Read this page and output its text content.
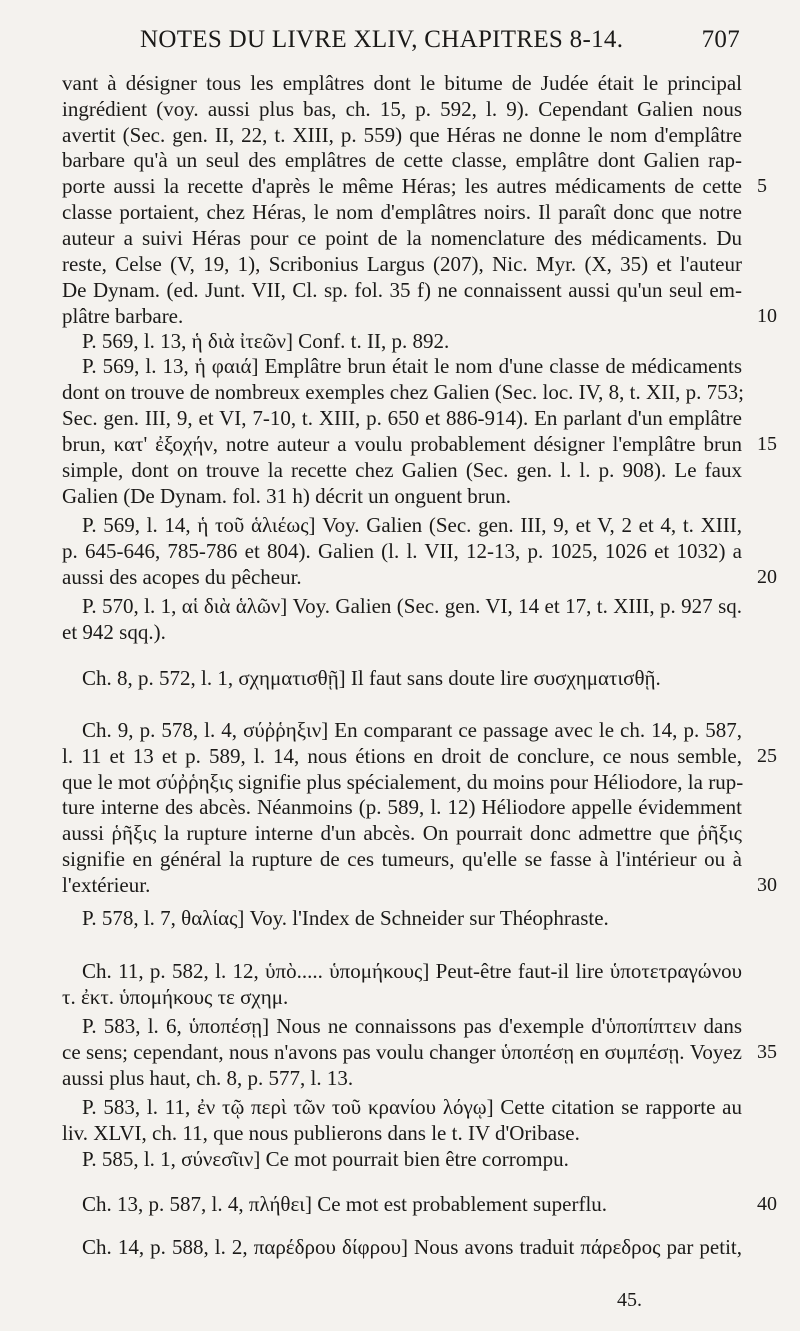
NOTES DU LIVRE XLIV, CHAPITRES 8-14.	707
vant à désigner tous les emplâtres dont le bitume de Judée était le principal
ingrédient (voy. aussi plus bas, ch. 15, p. 592, l. 9). Cependant Galien nous
avertit (Sec. gen. II, 22, t. XIII, p. 559) que Héras ne donne le nom d'emplâtre
barbare qu'à un seul des emplâtres de cette classe, emplâtre dont Galien rap-
porte aussi la recette d'après le même Héras; les autres médicaments de cette
classe portaient, chez Héras, le nom d'emplâtres noirs. Il paraît donc que notre
auteur a suivi Héras pour ce point de la nomenclature des médicaments. Du
reste, Celse (V, 19, 1), Scribonius Largus (207), Nic. Myr. (X, 35) et l'auteur
De Dynam. (ed. Junt. VII, Cl. sp. fol. 35 f) ne connaissent aussi qu'un seul em-
plâtre barbare.
P. 569, l. 13, ἡ διὰ ἰτεῶν] Conf. t. II, p. 892.
P. 569, l. 13, ἡ φαιά] Emplâtre brun était le nom d'une classe de médicaments
dont on trouve de nombreux exemples chez Galien (Sec. loc. IV, 8, t. XII, p. 753;
Sec. gen. III, 9, et VI, 7-10, t. XIII, p. 650 et 886-914). En parlant d'un emplâtre
brun, κατ' ἐξοχήν, notre auteur a voulu probablement désigner l'emplâtre brun
simple, dont on trouve la recette chez Galien (Sec. gen. l. l. p. 908). Le faux
Galien (De Dynam. fol. 31 h) décrit un onguent brun.
P. 569, l. 14, ἡ τοῦ ἁλιέως] Voy. Galien (Sec. gen. III, 9, et V, 2 et 4, t. XIII,
p. 645-646, 785-786 et 804). Galien (l. l. VII, 12-13, p. 1025, 1026 et 1032) a
aussi des acopes du pêcheur.
P. 570, l. 1, αἱ διὰ ἁλῶν] Voy. Galien (Sec. gen. VI, 14 et 17, t. XIII, p. 927 sq.
et 942 sqq.).
Ch. 8, p. 572, l. 1, σχηματισθῇ] Il faut sans doute lire συσχηματισθῇ.
Ch. 9, p. 578, l. 4, σύῤῥηξιν] En comparant ce passage avec le ch. 14, p. 587,
l. 11 et 13 et p. 589, l. 14, nous étions en droit de conclure, ce nous semble,
que le mot σύῤῥηξις signifie plus spécialement, du moins pour Héliodore, la rup-
ture interne des abcès. Néanmoins (p. 589, l. 12) Héliodore appelle évidemment
aussi ῥῆξις la rupture interne d'un abcès. On pourrait donc admettre que ῥῆξις
signifie en général la rupture de ces tumeurs, qu'elle se fasse à l'intérieur ou à
l'extérieur.
P. 578, l. 7, θαλίας] Voy. l'Index de Schneider sur Théophraste.
Ch. 11, p. 582, l. 12, ὑπὸ..... ὑπομήκους] Peut-être faut-il lire ὑποτετραγώνου
τ. ἐκτ. ὑπομήκους τε σχημ.
P. 583, l. 6, ὑποπέσῃ] Nous ne connaissons pas d'exemple d'ὑποπίπτειν dans
ce sens; cependant, nous n'avons pas voulu changer ὑποπέσῃ en συμπέσῃ. Voyez
aussi plus haut, ch. 8, p. 577, l. 13.
P. 583, l. 11, ἐν τῷ περὶ τῶν τοῦ κρανίου λόγῳ] Cette citation se rapporte au
liv. XLVI, ch. 11, que nous publierons dans le t. IV d'Oribase.
P. 585, l. 1, σύνεσῖιν] Ce mot pourrait bien être corrompu.
Ch. 13, p. 587, l. 4, πλήθει] Ce mot est probablement superflu.
Ch. 14, p. 588, l. 2, παρέδρου δίφρου] Nous avons traduit πάρεδρος par petit,
5
10
15
20
25
30
35
40
45.
